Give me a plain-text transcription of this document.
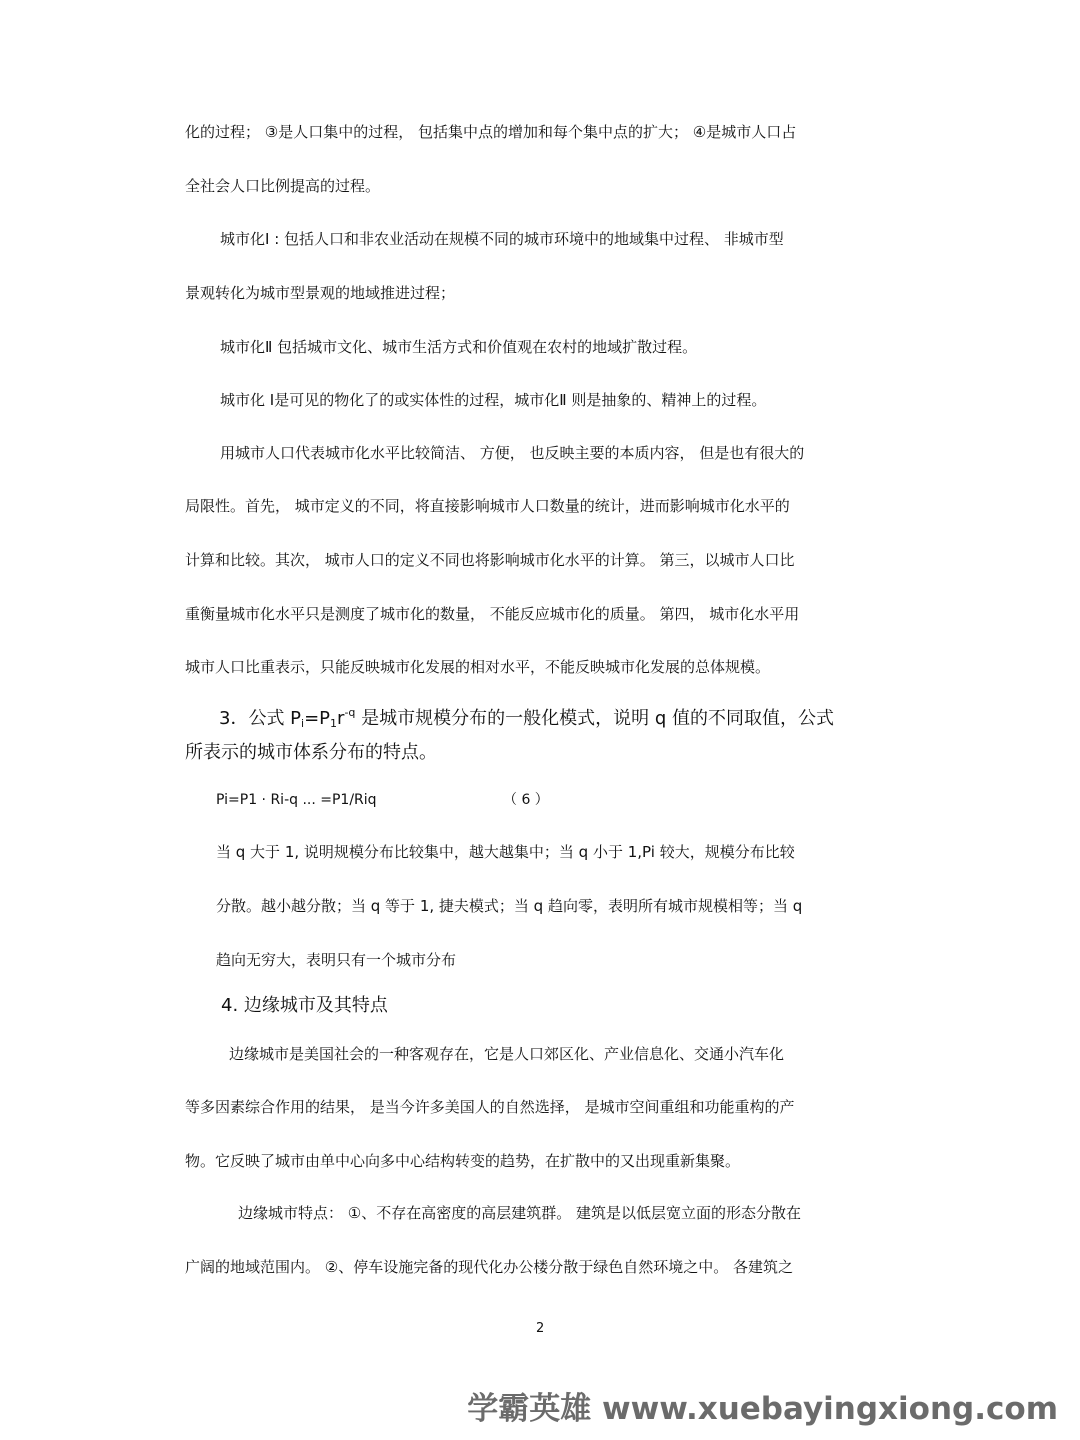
化的过程； ③是人口集中的过程， 包括集中点的增加和每个集中点的扩大； ④是城市人口占

全社会人口比例提高的过程。

城市化Ⅰ : 包括人口和非农业活动在规模不同的城市环境中的地域集中过程、 非城市型

景观转化为城市型景观的地域推进过程；

城市化Ⅱ 包括城市文化、城市生活方式和价值观在农村的地域扩散过程。

城市化 Ⅰ是可见的物化了的或实体性的过程，城市化Ⅱ 则是抽象的、精神上的过程。

用城市人口代表城市化水平比较简洁、 方便， 也反映主要的本质内容， 但是也有很大的

局限性。首先， 城市定义的不同，将直接影响城市人口数量的统计，进而影响城市化水平的

计算和比较。其次， 城市人口的定义不同也将影响城市化水平的计算。 第三，以城市人口比

重衡量城市化水平只是测度了城市化的数量， 不能反应城市化的质量。 第四， 城市化水平用

城市人口比重表示，只能反映城市化发展的相对水平，不能反映城市化发展的总体规模。

3．公式 $P_i=P_1r^{-q}$ 是城市规模分布的一般化模式，说明 q 值的不同取值，公式

所表示的城市体系分布的特点。

Pi=P1 · Ri-q ... =P1/Riq	（ 6 ）

当 q 大于 1, 说明规模分布比较集中，越大越集中；当 q 小于 1,Pi 较大，规模分布比较

分散。越小越分散；当 q 等于 1, 捷夫模式；当 q 趋向零，表明所有城市规模相等；当 q

趋向无穷大，表明只有一个城市分布

4. 边缘城市及其特点

边缘城市是美国社会的一种客观存在，它是人口郊区化、产业信息化、交通小汽车化

等多因素综合作用的结果， 是当今许多美国人的自然选择， 是城市空间重组和功能重构的产

物。它反映了城市由单中心向多中心结构转变的趋势，在扩散中的又出现重新集聚。

边缘城市特点： ①、不存在高密度的高层建筑群。 建筑是以低层宽立面的形态分散在

广阔的地域范围内。 ②、停车设施完备的现代化办公楼分散于绿色自然环境之中。 各建筑之

2
学霸英雄 www.xuebayingxiong.com
